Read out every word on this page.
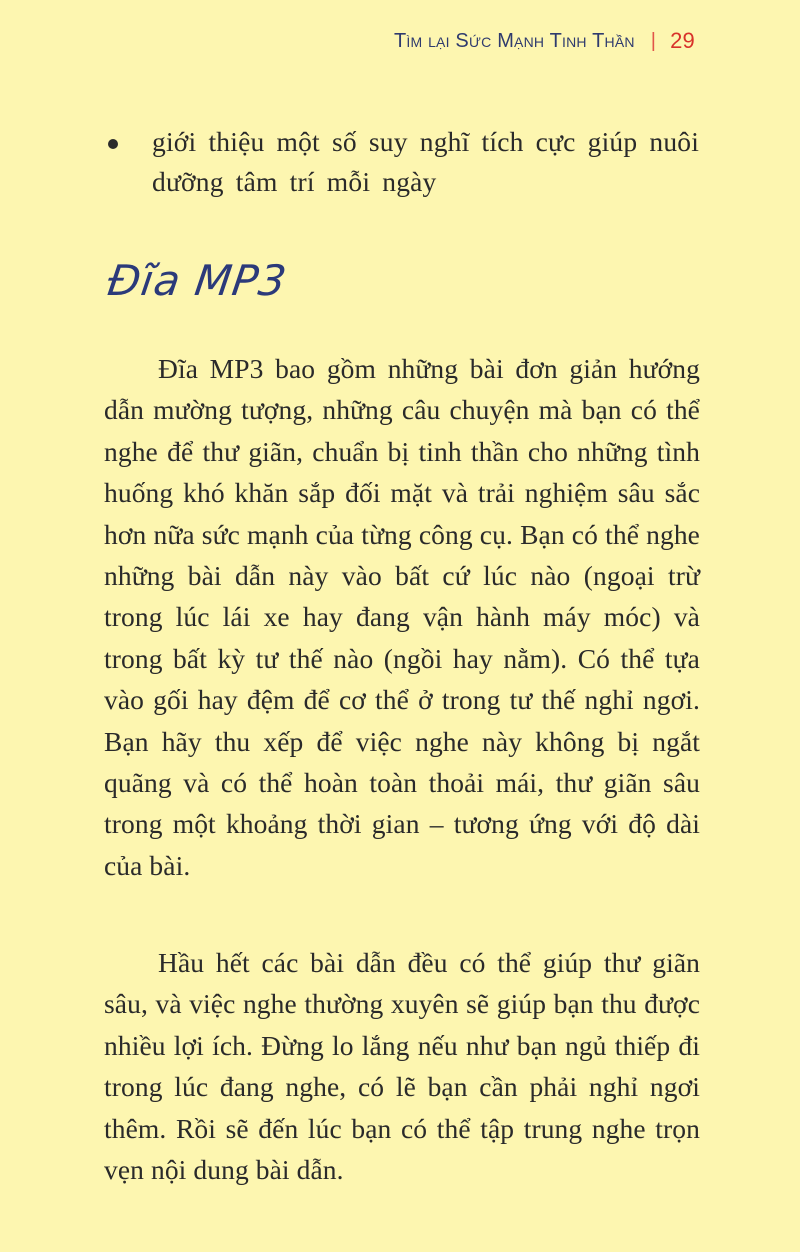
Tìm lại Sức Mạnh Tinh Thần | 29
giới thiệu một số suy nghĩ tích cực giúp nuôi dưỡng tâm trí mỗi ngày
Đĩa MP3

Đĩa MP3 bao gồm những bài đơn giản hướng dẫn mường tượng, những câu chuyện mà bạn có thể nghe để thư giãn, chuẩn bị tinh thần cho những tình huống khó khăn sắp đối mặt và trải nghiệm sâu sắc hơn nữa sức mạnh của từng công cụ. Bạn có thể nghe những bài dẫn này vào bất cứ lúc nào (ngoại trừ trong lúc lái xe hay đang vận hành máy móc) và trong bất kỳ tư thế nào (ngồi hay nằm). Có thể tựa vào gối hay đệm để cơ thể ở trong tư thế nghỉ ngơi. Bạn hãy thu xếp để việc nghe này không bị ngắt quãng và có thể hoàn toàn thoải mái, thư giãn sâu trong một khoảng thời gian – tương ứng với độ dài của bài.

Hầu hết các bài dẫn đều có thể giúp thư giãn sâu, và việc nghe thường xuyên sẽ giúp bạn thu được nhiều lợi ích. Đừng lo lắng nếu như bạn ngủ thiếp đi trong lúc đang nghe, có lẽ bạn cần phải nghỉ ngơi thêm. Rồi sẽ đến lúc bạn có thể tập trung nghe trọn vẹn nội dung bài dẫn.
